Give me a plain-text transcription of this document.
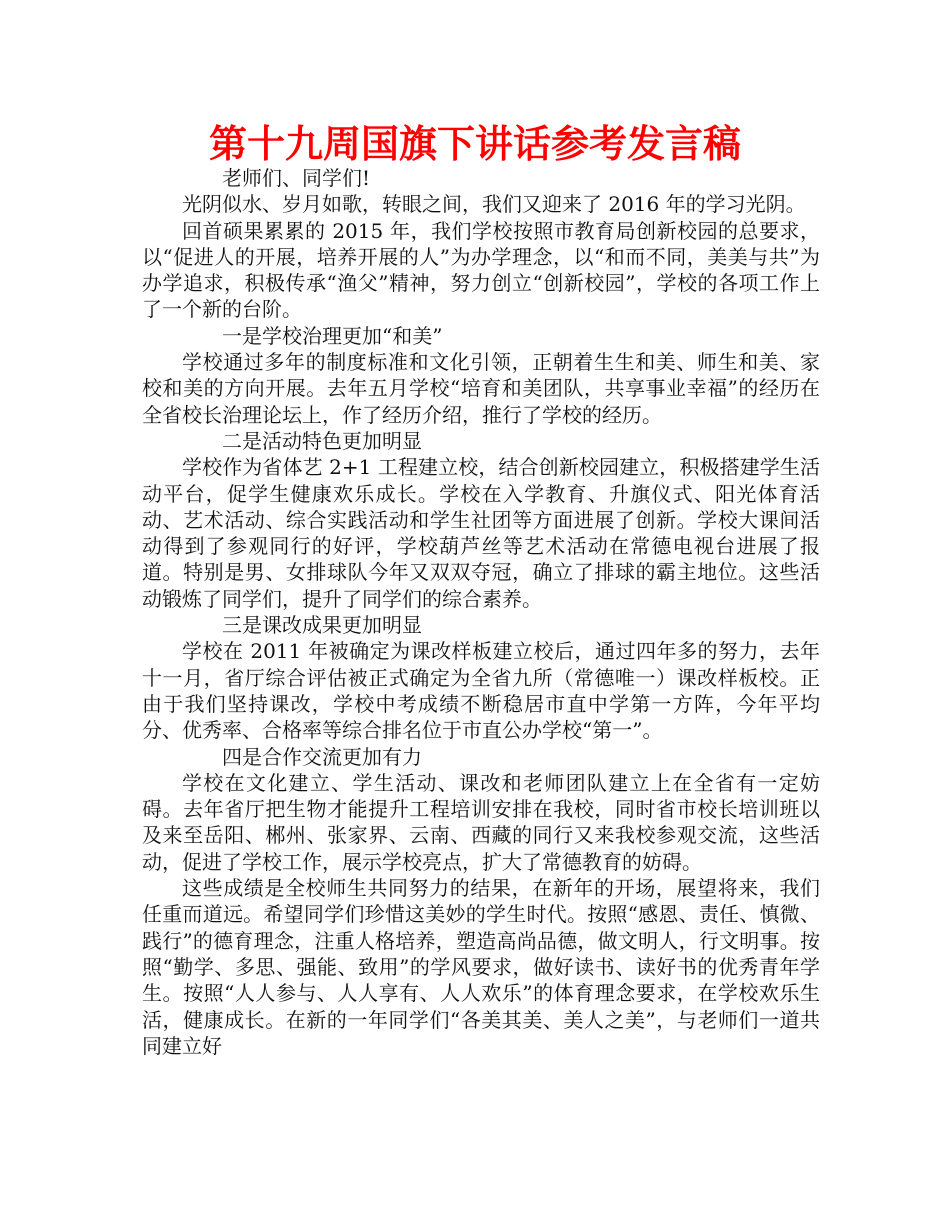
第十九周国旗下讲话参考发言稿

老师们、同学们!

光阴似水、岁月如歌，转眼之间，我们又迎来了 2016 年的学习光阴。

回首硕果累累的 2015 年，我们学校按照市教育局创新校园的总要求，以“促进人的开展，培养开展的人”为办学理念，以“和而不同，美美与共”为办学追求，积极传承“渔父”精神，努力创立“创新校园”，学校的各项工作上了一个新的台阶。

一是学校治理更加“和美”

学校通过多年的制度标准和文化引领，正朝着生生和美、师生和美、家校和美的方向开展。去年五月学校“培育和美团队，共享事业幸福”的经历在全省校长治理论坛上，作了经历介绍，推行了学校的经历。

二是活动特色更加明显

学校作为省体艺 2+1 工程建立校，结合创新校园建立，积极搭建学生活动平台，促学生健康欢乐成长。学校在入学教育、升旗仪式、阳光体育活动、艺术活动、综合实践活动和学生社团等方面进展了创新。学校大课间活动得到了参观同行的好评，学校葫芦丝等艺术活动在常德电视台进展了报道。特别是男、女排球队今年又双双夺冠，确立了排球的霸主地位。这些活动锻炼了同学们，提升了同学们的综合素养。

三是课改成果更加明显

学校在 2011 年被确定为课改样板建立校后，通过四年多的努力，去年十一月，省厅综合评估被正式确定为全省九所（常德唯一）课改样板校。正由于我们坚持课改，学校中考成绩不断稳居市直中学第一方阵，今年平均分、优秀率、合格率等综合排名位于市直公办学校“第一”。

四是合作交流更加有力

学校在文化建立、学生活动、课改和老师团队建立上在全省有一定妨碍。去年省厅把生物才能提升工程培训安排在我校，同时省市校长培训班以及来至岳阳、郴州、张家界、云南、西藏的同行又来我校参观交流，这些活动，促进了学校工作，展示学校亮点，扩大了常德教育的妨碍。

这些成绩是全校师生共同努力的结果，在新年的开场，展望将来，我们任重而道远。希望同学们珍惜这美妙的学生时代。按照“感恩、责任、慎微、践行”的德育理念，注重人格培养，塑造高尚品德，做文明人，行文明事。按照“勤学、多思、强能、致用”的学风要求，做好读书、读好书的优秀青年学生。按照“人人参与、人人享有、人人欢乐”的体育理念要求，在学校欢乐生活，健康成长。在新的一年同学们“各美其美、美人之美”，与老师们一道共同建立好
